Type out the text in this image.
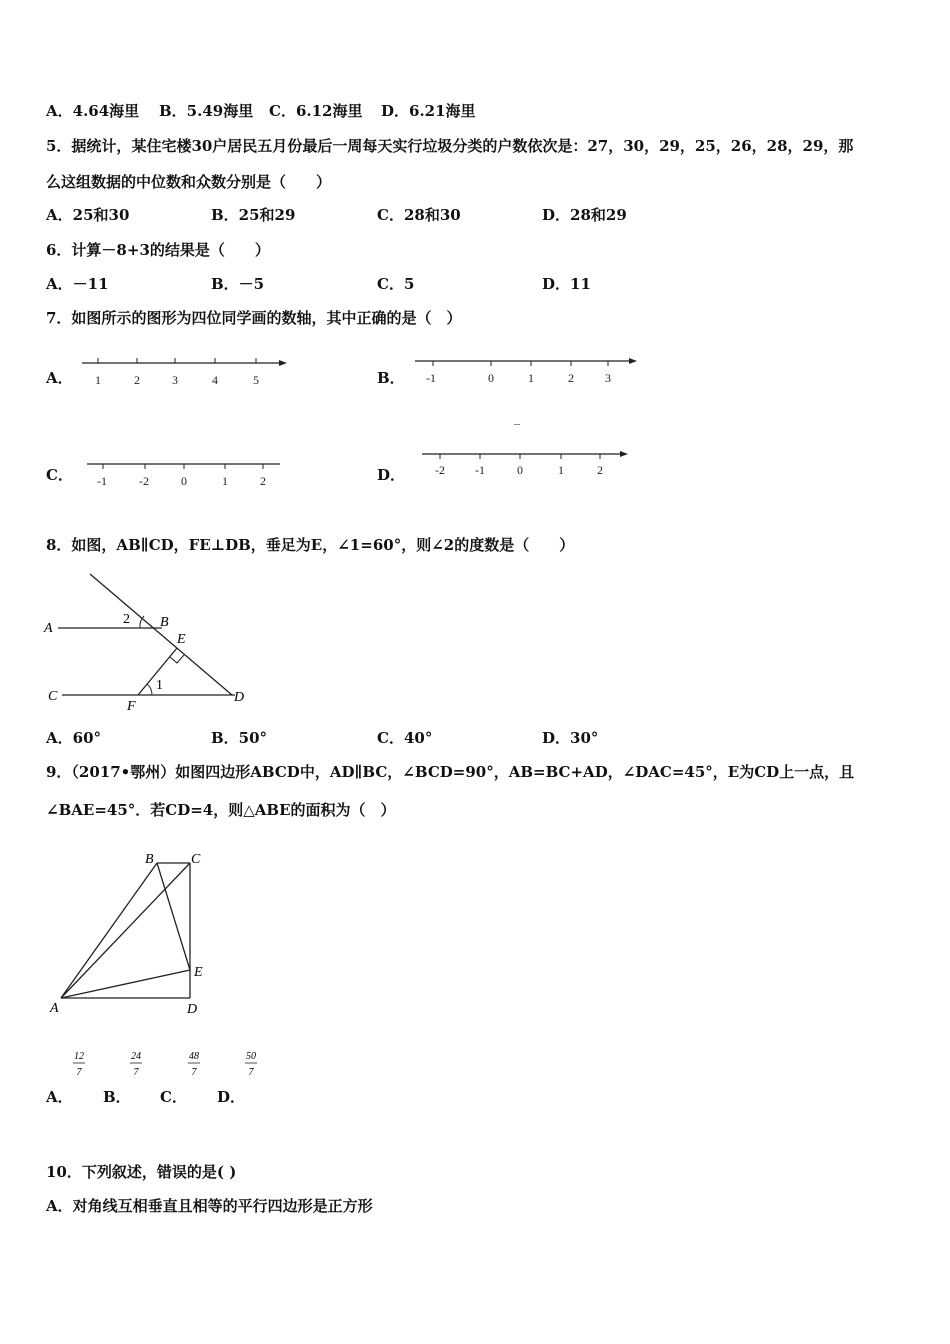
A．4.64海里 B．5.49海里 C．6.12海里 D．6.21海里
5．据统计，某住宅楼30户居民五月份最后一周每天实行垃圾分类的户数依次是：27，30，29，25，26，28，29，那
么这组数据的中位数和众数分别是（　　）
A．25和30	B．25和29	C．28和30	D．28和29
6．计算－8+3的结果是（　　）
A．－11	B．－5	C．5	D．11
7．如图所示的图形为四位同学画的数轴，其中正确的是（　）
A． 1	2	3	4	5	B． -1	0	1	2	3
_
C． -1	-2	0	1	2	D． -2	-1	0	1	2
8．如图，AB∥CD，FE⊥DB，垂足为E，∠1=60°，则∠2的度数是（　　）
A	B
C	D
E
F
1
2
A．60°	B．50°	C．40°	D．30°
9．（2017•鄂州）如图四边形ABCD中，AD∥BC，∠BCD=90°，AB=BC+AD，∠DAC=45°，E为CD上一点，且
∠BAE=45°．若CD=4，则△ABE的面积为（　）
B	C
A	D
E
12
7
24
7
48
7
50
7
A． B． C． D．
10．下列叙述，错误的是( )
A．对角线互相垂直且相等的平行四边形是正方形
